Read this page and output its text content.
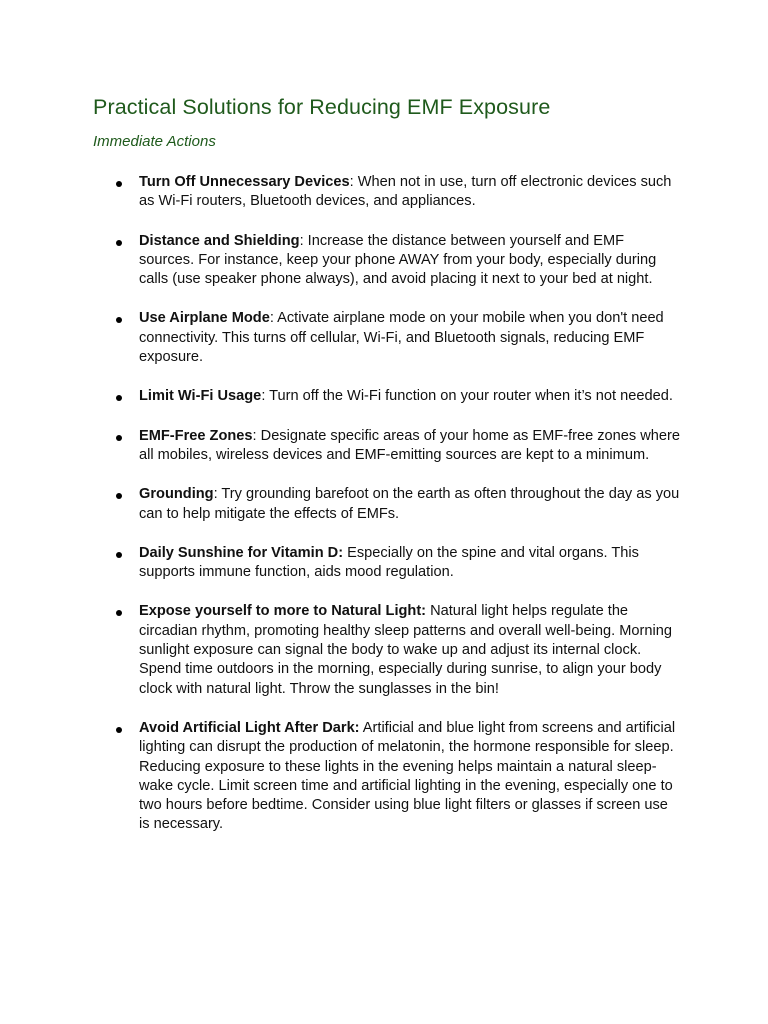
Practical Solutions for Reducing EMF Exposure
Immediate Actions
Turn Off Unnecessary Devices: When not in use, turn off electronic devices such as Wi-Fi routers, Bluetooth devices, and appliances.
Distance and Shielding: Increase the distance between yourself and EMF sources. For instance, keep your phone AWAY from your body, especially during calls (use speaker phone always), and avoid placing it next to your bed at night.
Use Airplane Mode: Activate airplane mode on your mobile when you don't need connectivity. This turns off cellular, Wi-Fi, and Bluetooth signals, reducing EMF exposure.
Limit Wi-Fi Usage: Turn off the Wi-Fi function on your router when it’s not needed.
EMF-Free Zones: Designate specific areas of your home as EMF-free zones where all mobiles, wireless devices and EMF-emitting sources are kept to a minimum.
Grounding: Try grounding barefoot on the earth as often throughout the day as you can to help mitigate the effects of EMFs.
Daily Sunshine for Vitamin D: Especially on the spine and vital organs. This supports immune function, aids mood regulation.
Expose yourself to more to Natural Light: Natural light helps regulate the circadian rhythm, promoting healthy sleep patterns and overall well-being. Morning sunlight exposure can signal the body to wake up and adjust its internal clock. Spend time outdoors in the morning, especially during sunrise, to align your body clock with natural light. Throw the sunglasses in the bin!
Avoid Artificial Light After Dark: Artificial and blue light from screens and artificial lighting can disrupt the production of melatonin, the hormone responsible for sleep. Reducing exposure to these lights in the evening helps maintain a natural sleep-wake cycle. Limit screen time and artificial lighting in the evening, especially one to two hours before bedtime. Consider using blue light filters or glasses if screen use is necessary.
